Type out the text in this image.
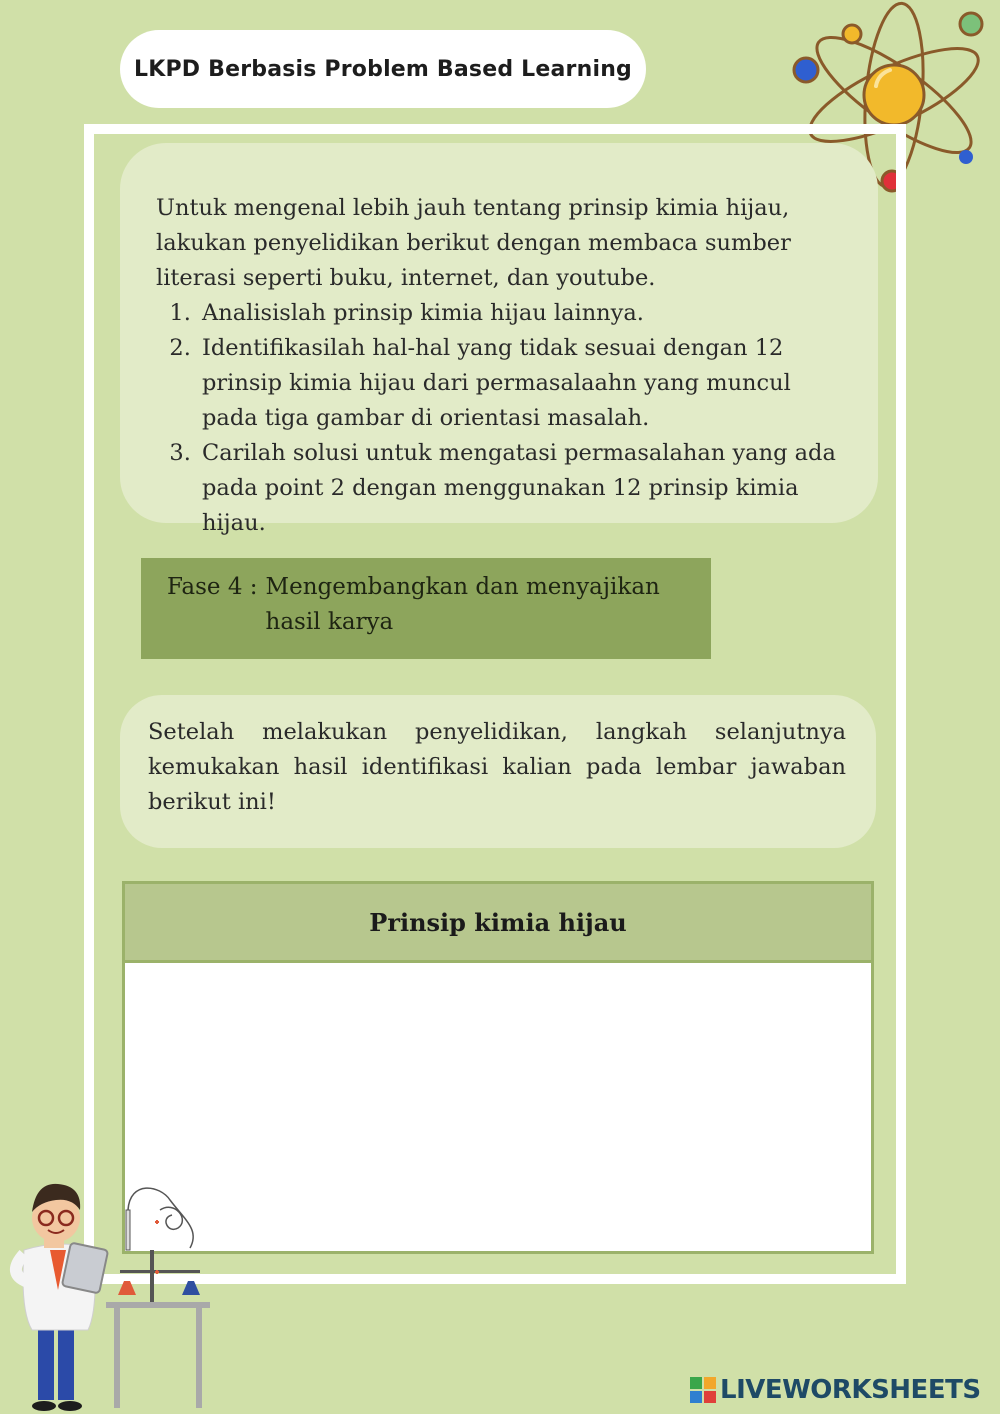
LKPD Berbasis Problem Based Learning

Untuk mengenal lebih jauh tentang prinsip kimia hijau, lakukan penyelidikan berikut dengan membaca sumber literasi seperti buku, internet, dan youtube.

1. Analisislah prinsip kimia hijau lainnya.
2. Identifikasilah hal-hal yang tidak sesuai dengan 12 prinsip kimia hijau dari permasalaahn yang muncul pada tiga gambar di orientasi masalah.
3. Carilah solusi untuk mengatasi permasalahan yang ada pada point 2 dengan menggunakan 12 prinsip kimia hijau.
Fase 4 : Mengembangkan dan menyajikan hasil karya
Setelah melakukan penyelidikan, langkah selanjutnya kemukakan hasil identifikasi kalian pada lembar jawaban berikut ini!
Prinsip kimia hijau
LIVEWORKSHEETS
